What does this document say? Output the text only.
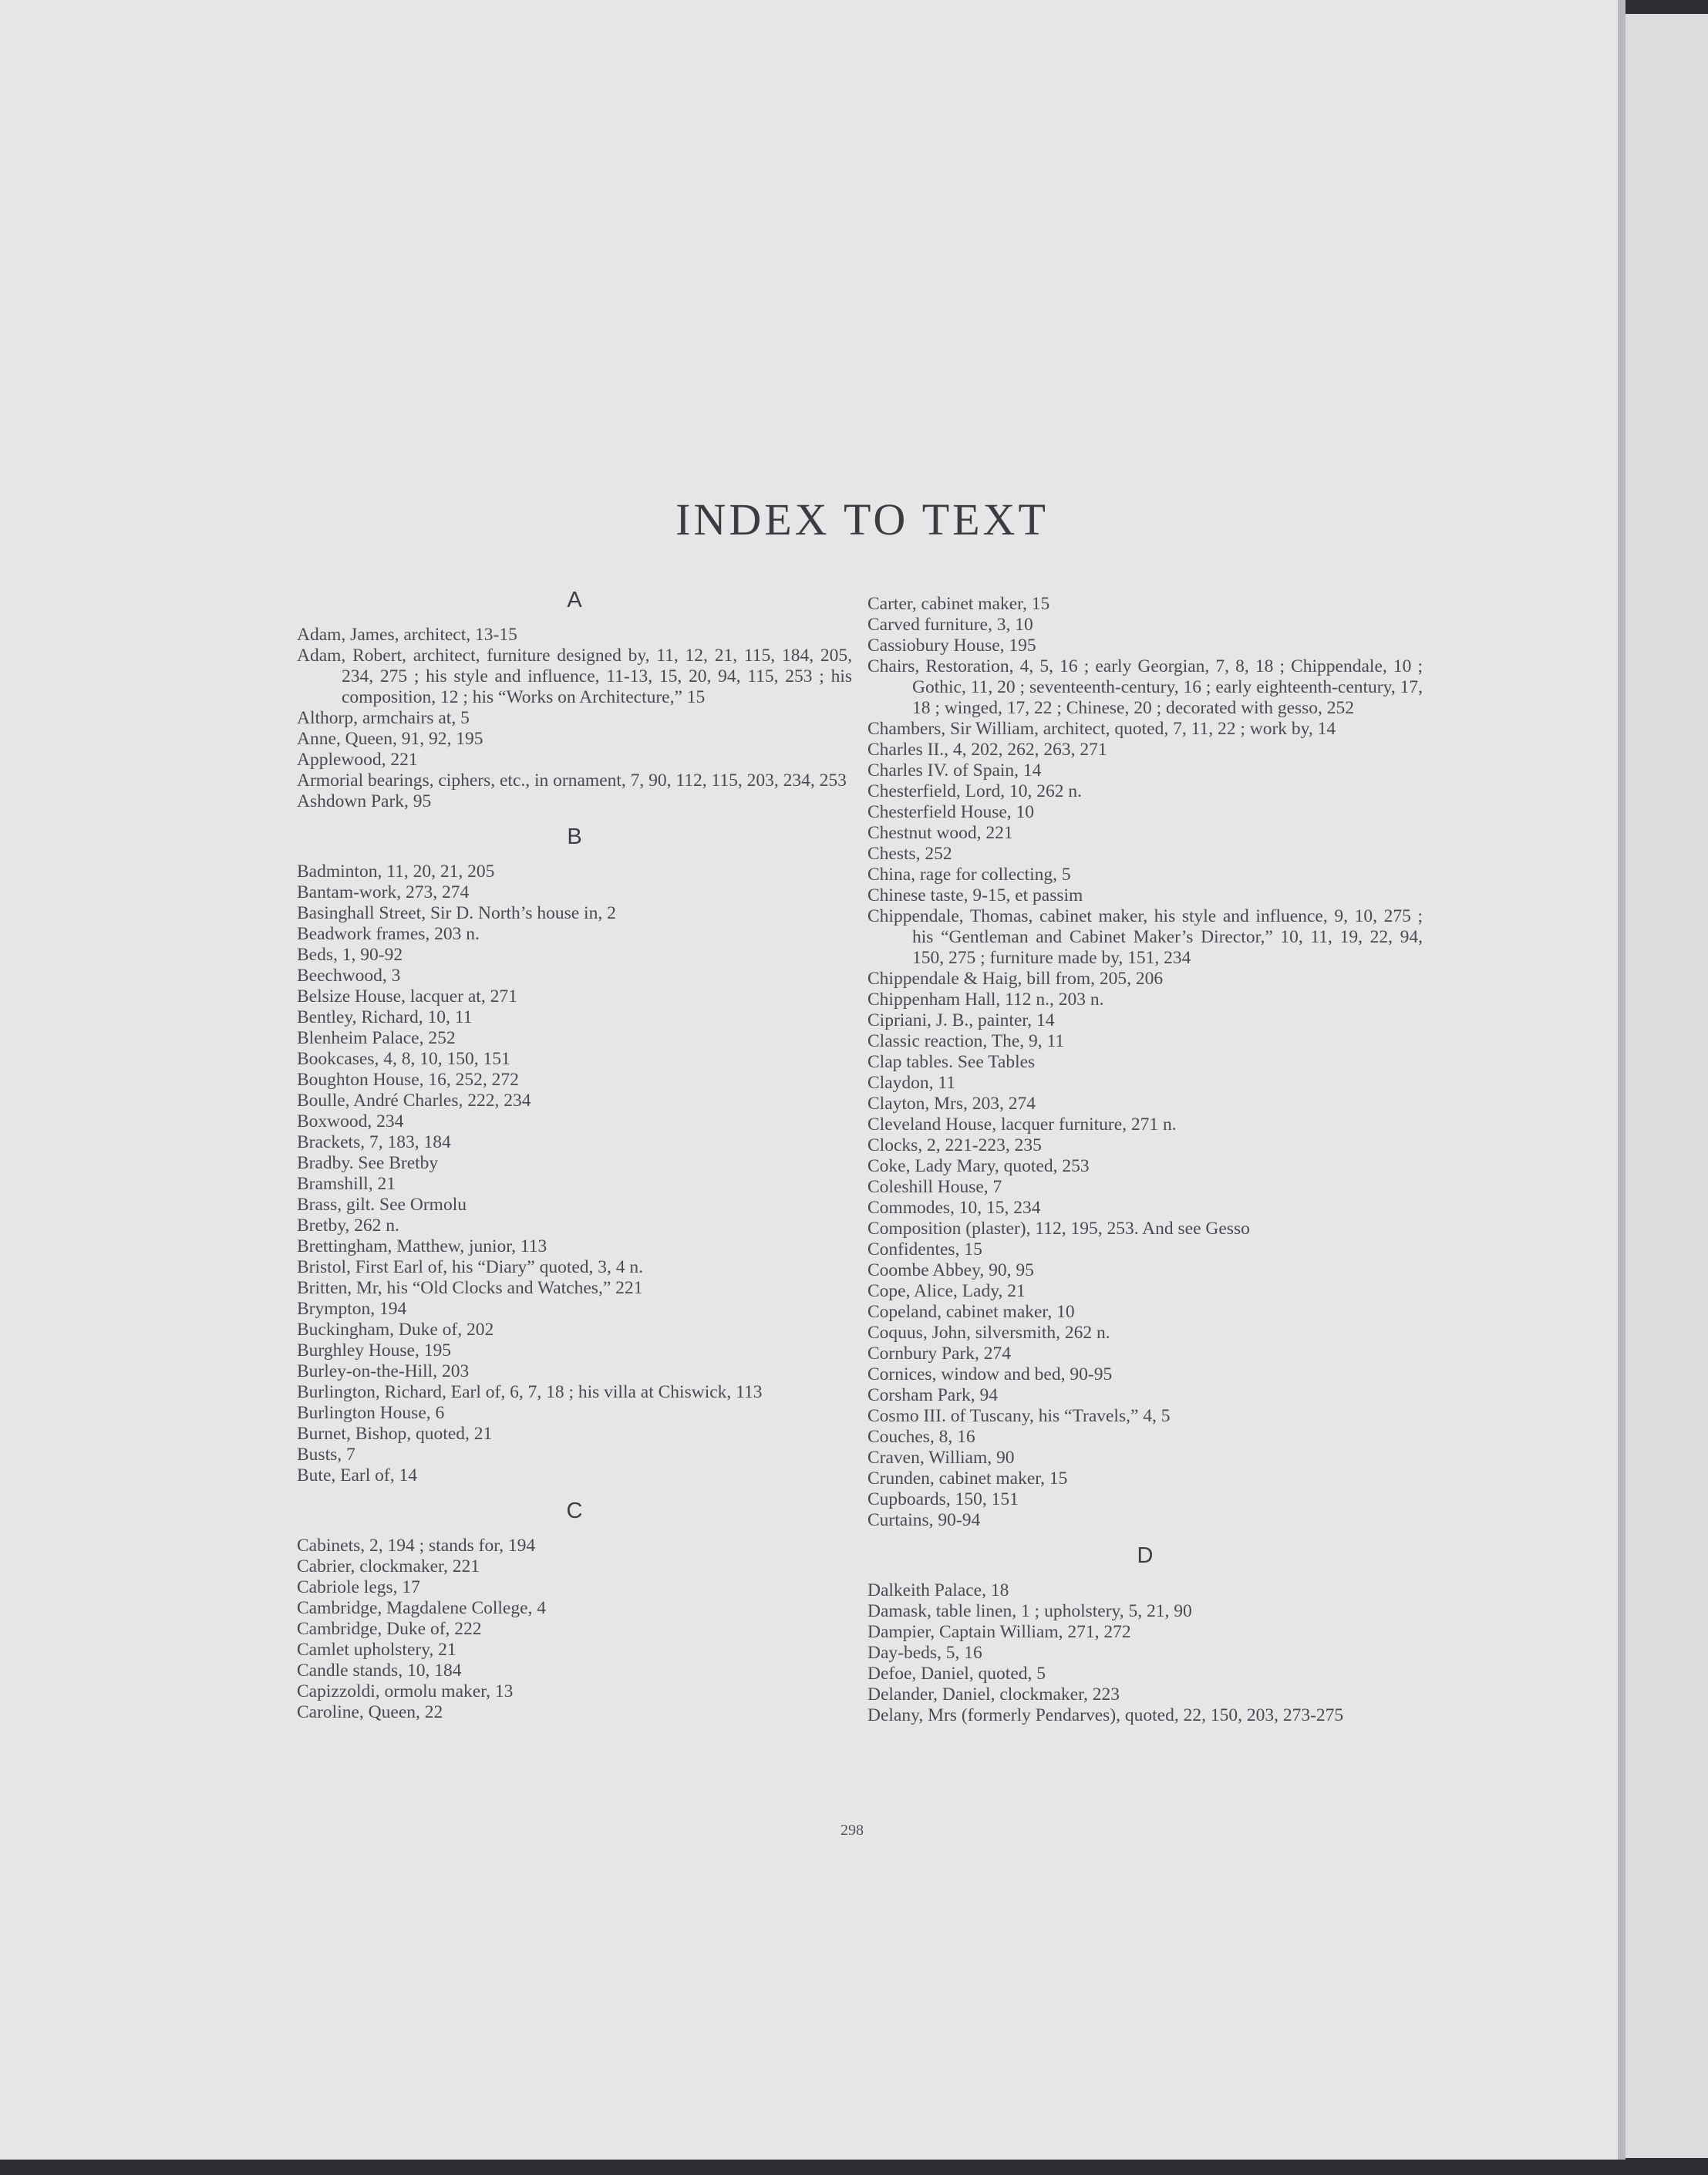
INDEX TO TEXT
A

Adam, James, architect, 13-15

Adam, Robert, architect, furniture designed by, 11, 12, 21, 115, 184, 205, 234, 275 ; his style and influence, 11-13, 15, 20, 94, 115, 253 ; his composition, 12 ; his “Works on Architecture,” 15

Althorp, armchairs at, 5

Anne, Queen, 91, 92, 195

Applewood, 221

Armorial bearings, ciphers, etc., in ornament, 7, 90, 112, 115, 203, 234, 253

Ashdown Park, 95

B

Badminton, 11, 20, 21, 205

Bantam-work, 273, 274

Basinghall Street, Sir D. North’s house in, 2

Beadwork frames, 203 n.

Beds, 1, 90-92

Beechwood, 3

Belsize House, lacquer at, 271

Bentley, Richard, 10, 11

Blenheim Palace, 252

Bookcases, 4, 8, 10, 150, 151

Boughton House, 16, 252, 272

Boulle, André Charles, 222, 234

Boxwood, 234

Brackets, 7, 183, 184

Bradby. See Bretby

Bramshill, 21

Brass, gilt. See Ormolu

Bretby, 262 n.

Brettingham, Matthew, junior, 113

Bristol, First Earl of, his “Diary” quoted, 3, 4 n.

Britten, Mr, his “Old Clocks and Watches,” 221

Brympton, 194

Buckingham, Duke of, 202

Burghley House, 195

Burley-on-the-Hill, 203

Burlington, Richard, Earl of, 6, 7, 18 ; his villa at Chiswick, 113

Burlington House, 6

Burnet, Bishop, quoted, 21

Busts, 7

Bute, Earl of, 14

C

Cabinets, 2, 194 ; stands for, 194

Cabrier, clockmaker, 221

Cabriole legs, 17

Cambridge, Magdalene College, 4

Cambridge, Duke of, 222

Camlet upholstery, 21

Candle stands, 10, 184

Capizzoldi, ormolu maker, 13

Caroline, Queen, 22

Carter, cabinet maker, 15

Carved furniture, 3, 10

Cassiobury House, 195

Chairs, Restoration, 4, 5, 16 ; early Georgian, 7, 8, 18 ; Chippendale, 10 ; Gothic, 11, 20 ; seventeenth-century, 16 ; early eighteenth-century, 17, 18 ; winged, 17, 22 ; Chinese, 20 ; decorated with gesso, 252

Chambers, Sir William, architect, quoted, 7, 11, 22 ; work by, 14

Charles II., 4, 202, 262, 263, 271

Charles IV. of Spain, 14

Chesterfield, Lord, 10, 262 n.

Chesterfield House, 10

Chestnut wood, 221

Chests, 252

China, rage for collecting, 5

Chinese taste, 9-15, et passim

Chippendale, Thomas, cabinet maker, his style and influence, 9, 10, 275 ; his “Gentleman and Cabinet Maker’s Director,” 10, 11, 19, 22, 94, 150, 275 ; furniture made by, 151, 234

Chippendale & Haig, bill from, 205, 206

Chippenham Hall, 112 n., 203 n.

Cipriani, J. B., painter, 14

Classic reaction, The, 9, 11

Clap tables. See Tables

Claydon, 11

Clayton, Mrs, 203, 274

Cleveland House, lacquer furniture, 271 n.

Clocks, 2, 221-223, 235

Coke, Lady Mary, quoted, 253

Coleshill House, 7

Commodes, 10, 15, 234

Composition (plaster), 112, 195, 253. And see Gesso

Confidentes, 15

Coombe Abbey, 90, 95

Cope, Alice, Lady, 21

Copeland, cabinet maker, 10

Coquus, John, silversmith, 262 n.

Cornbury Park, 274

Cornices, window and bed, 90-95

Corsham Park, 94

Cosmo III. of Tuscany, his “Travels,” 4, 5

Couches, 8, 16

Craven, William, 90

Crunden, cabinet maker, 15

Cupboards, 150, 151

Curtains, 90-94

D

Dalkeith Palace, 18

Damask, table linen, 1 ; upholstery, 5, 21, 90

Dampier, Captain William, 271, 272

Day-beds, 5, 16

Defoe, Daniel, quoted, 5

Delander, Daniel, clockmaker, 223

Delany, Mrs (formerly Pendarves), quoted, 22, 150, 203, 273-275

298
